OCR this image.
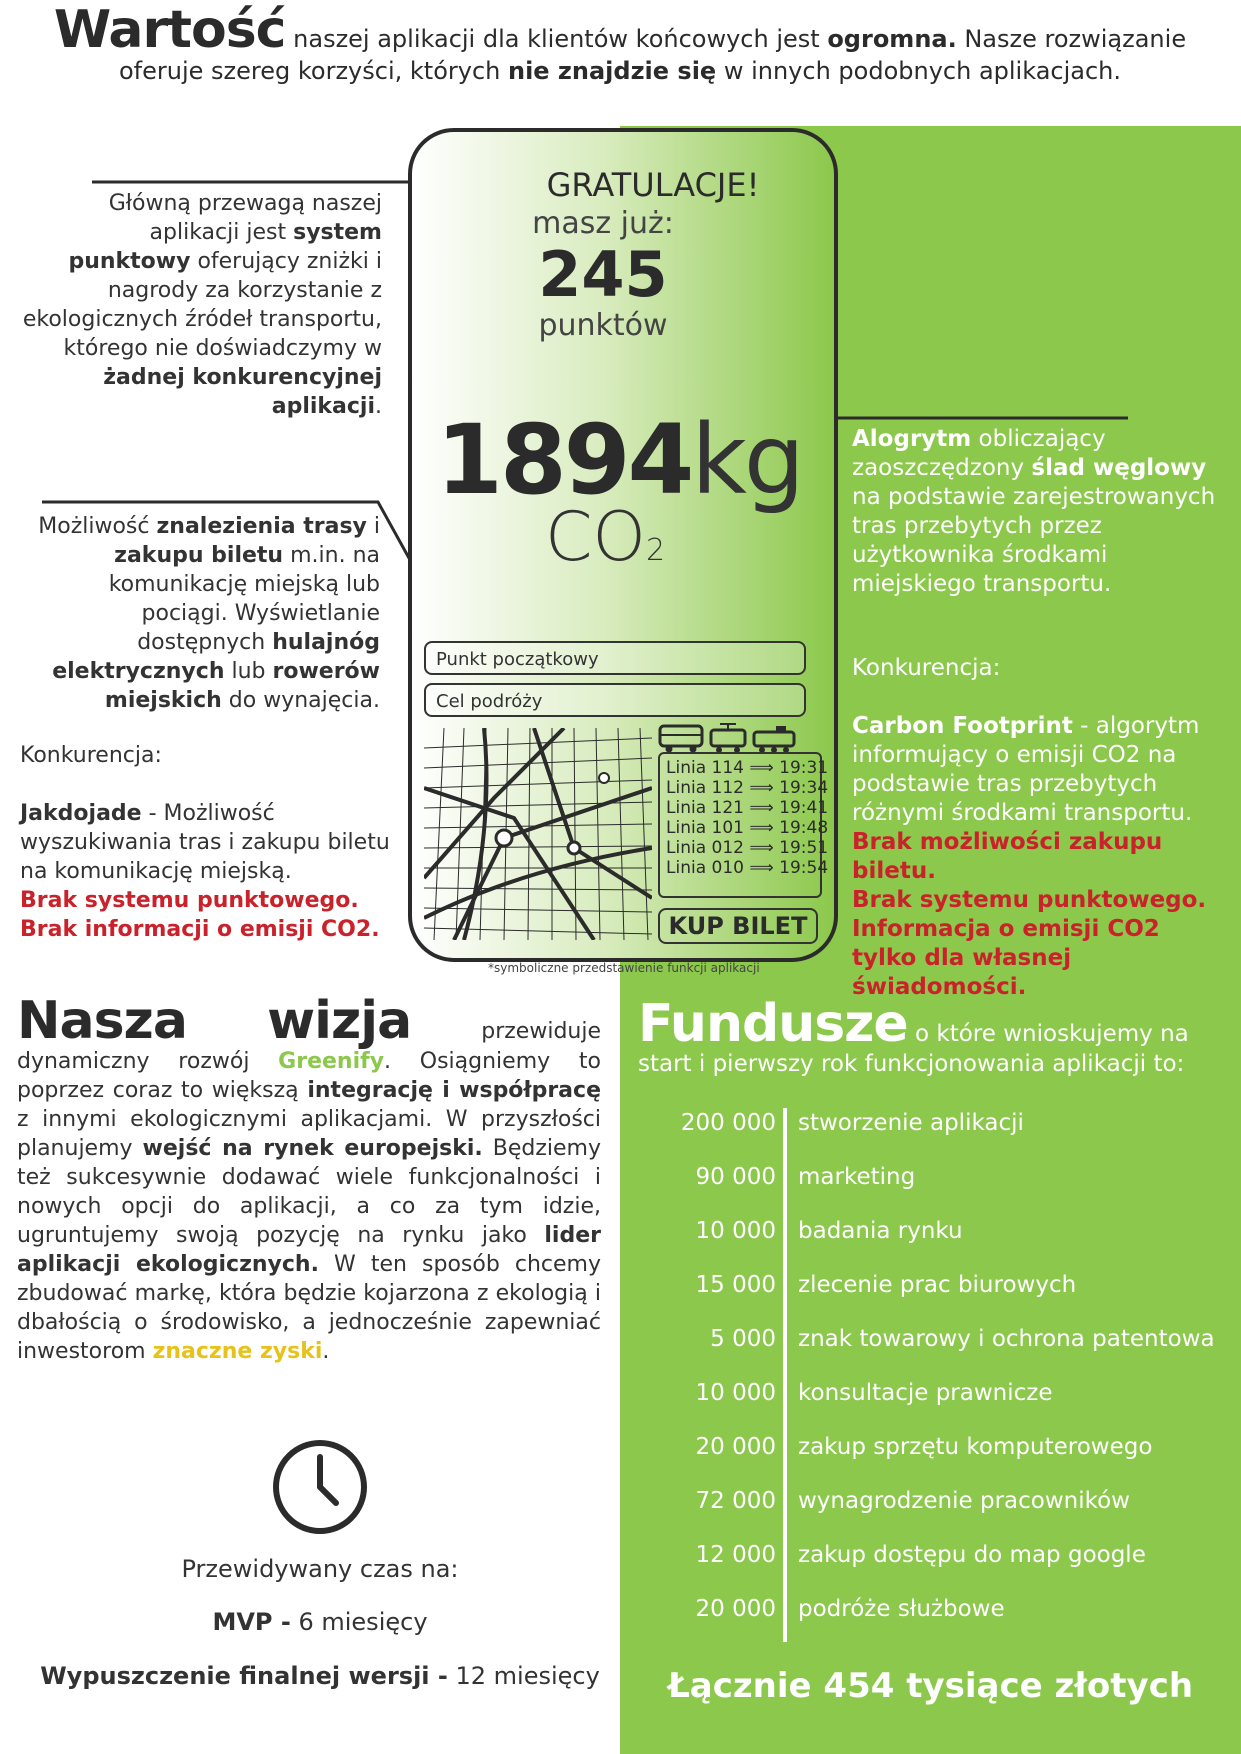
Wartość naszej aplikacji dla klientów końcowych jest ogromna. Nasze rozwiązanie oferuje szereg korzyści, których nie znajdzie się w innych podobnych aplikacjach.
Główną przewagą naszej aplikacji jest system punktowy oferujący zniżki i nagrody za korzystanie z ekologicznych źródeł transportu, którego nie doświadczymy w żadnej konkurencyjnej aplikacji.
Możliwość znalezienia trasy i zakupu biletu m.in. na komunikację miejską lub pociągi. Wyświetlanie dostępnych hulajnóg elektrycznych lub rowerów miejskich do wynajęcia.
Konkurencja:
Jakdojade - Możliwość wyszukiwania tras i zakupu biletu na komunikację miejską.
Brak systemu punktowego.
Brak informacji o emisji CO2.
GRATULACJE!
masz już:
245
punktów
1894kg
CO2
Punkt początkowy
Cel podróży
Linia 114 ⟹ 19:31
Linia 112 ⟹ 19:34
Linia 121 ⟹ 19:41
Linia 101 ⟹ 19:48
Linia 012 ⟹ 19:51
Linia 010 ⟹ 19:54
KUP BILET
*symboliczne przedstawienie funkcji aplikacji
Alogrytm obliczający zaoszczędzony ślad węglowy na podstawie zarejestrowanych tras przebytych przez użytkownika środkami miejskiego transportu.
Konkurencja:
Carbon Footprint - algorytm informujący o emisji CO2 na podstawie tras przebytych różnymi środkami transportu.
Brak możliwości zakupu biletu.
Brak systemu punktowego.
Informacja o emisji CO2 tylko dla własnej świadomości.
Nasza wizja przewiduje dynamiczny rozwój Greenify. Osiągniemy to poprzez coraz to większą integrację i współpracę z innymi ekologicznymi aplikacjami. W przyszłości planujemy wejść na rynek europejski. Będziemy też sukcesywnie dodawać wiele funkcjonalności i nowych opcji do aplikacji, a co za tym idzie, ugruntujemy swoją pozycję na rynku jako lider aplikacji ekologicznych. W ten sposób chcemy zbudować markę, która będzie kojarzona z ekologią i dbałością o środowisko, a jednocześnie zapewniać inwestorom znaczne zyski.
Przewidywany czas na:
MVP - 6 miesięcy
Wypuszczenie finalnej wersji - 12 miesięcy
Fundusze o które wnioskujemy na start i pierwszy rok funkcjonowania aplikacji to:
200 000 stworzenie aplikacji
90 000 marketing
10 000 badania rynku
15 000 zlecenie prac biurowych
5 000 znak towarowy i ochrona patentowa
10 000 konsultacje prawnicze
20 000 zakup sprzętu komputerowego
72 000 wynagrodzenie pracowników
12 000 zakup dostępu do map google
20 000 podróże służbowe
Łącznie 454 tysiące złotych
